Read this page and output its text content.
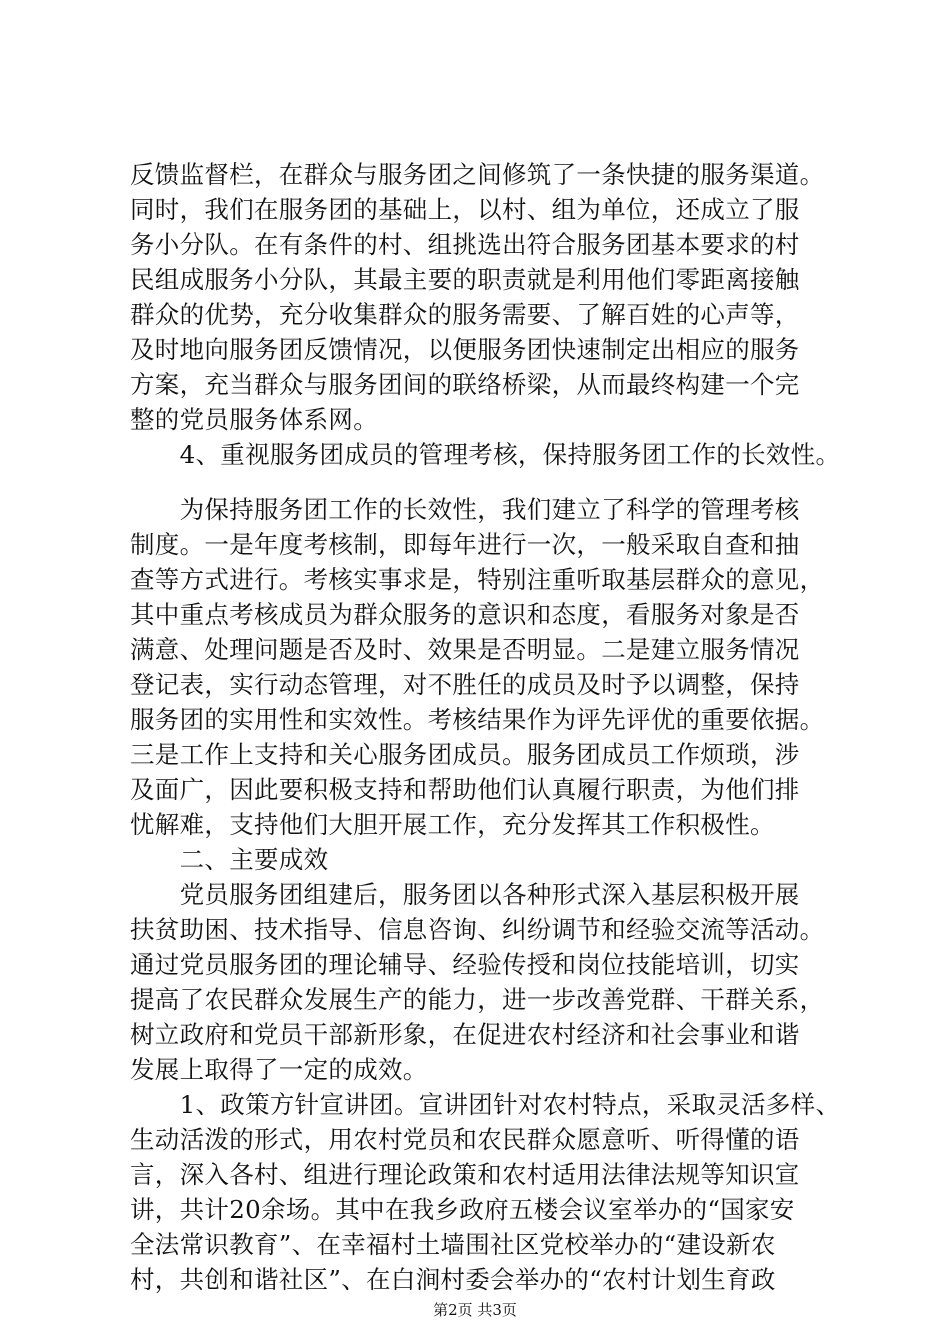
反馈监督栏，在群众与服务团之间修筑了一条快捷的服务渠道。
同时，我们在服务团的基础上，以村、组为单位，还成立了服
务小分队。在有条件的村、组挑选出符合服务团基本要求的村
民组成服务小分队，其最主要的职责就是利用他们零距离接触
群众的优势，充分收集群众的服务需要、了解百姓的心声等，
及时地向服务团反馈情况，以便服务团快速制定出相应的服务
方案，充当群众与服务团间的联络桥梁，从而最终构建一个完
整的党员服务体系网。
　　4、重视服务团成员的管理考核，保持服务团工作的长效性。
　　为保持服务团工作的长效性，我们建立了科学的管理考核
制度。一是年度考核制，即每年进行一次，一般采取自查和抽
查等方式进行。考核实事求是，特别注重听取基层群众的意见，
其中重点考核成员为群众服务的意识和态度，看服务对象是否
满意、处理问题是否及时、效果是否明显。二是建立服务情况
登记表，实行动态管理，对不胜任的成员及时予以调整，保持
服务团的实用性和实效性。考核结果作为评先评优的重要依据。
三是工作上支持和关心服务团成员。服务团成员工作烦琐，涉
及面广，因此要积极支持和帮助他们认真履行职责，为他们排
忧解难，支持他们大胆开展工作，充分发挥其工作积极性。
　　二、主要成效
　　党员服务团组建后，服务团以各种形式深入基层积极开展
扶贫助困、技术指导、信息咨询、纠纷调节和经验交流等活动。
通过党员服务团的理论辅导、经验传授和岗位技能培训，切实
提高了农民群众发展生产的能力，进一步改善党群、干群关系，
树立政府和党员干部新形象，在促进农村经济和社会事业和谐
发展上取得了一定的成效。
　　1、政策方针宣讲团。宣讲团针对农村特点，采取灵活多样、
生动活泼的形式，用农村党员和农民群众愿意听、听得懂的语
言，深入各村、组进行理论政策和农村适用法律法规等知识宣
讲，共计20余场。其中在我乡政府五楼会议室举办的“国家安
全法常识教育”、在幸福村土墙围社区党校举办的“建设新农
村，共创和谐社区”、在白涧村委会举办的“农村计划生育政
第2页 共3页
